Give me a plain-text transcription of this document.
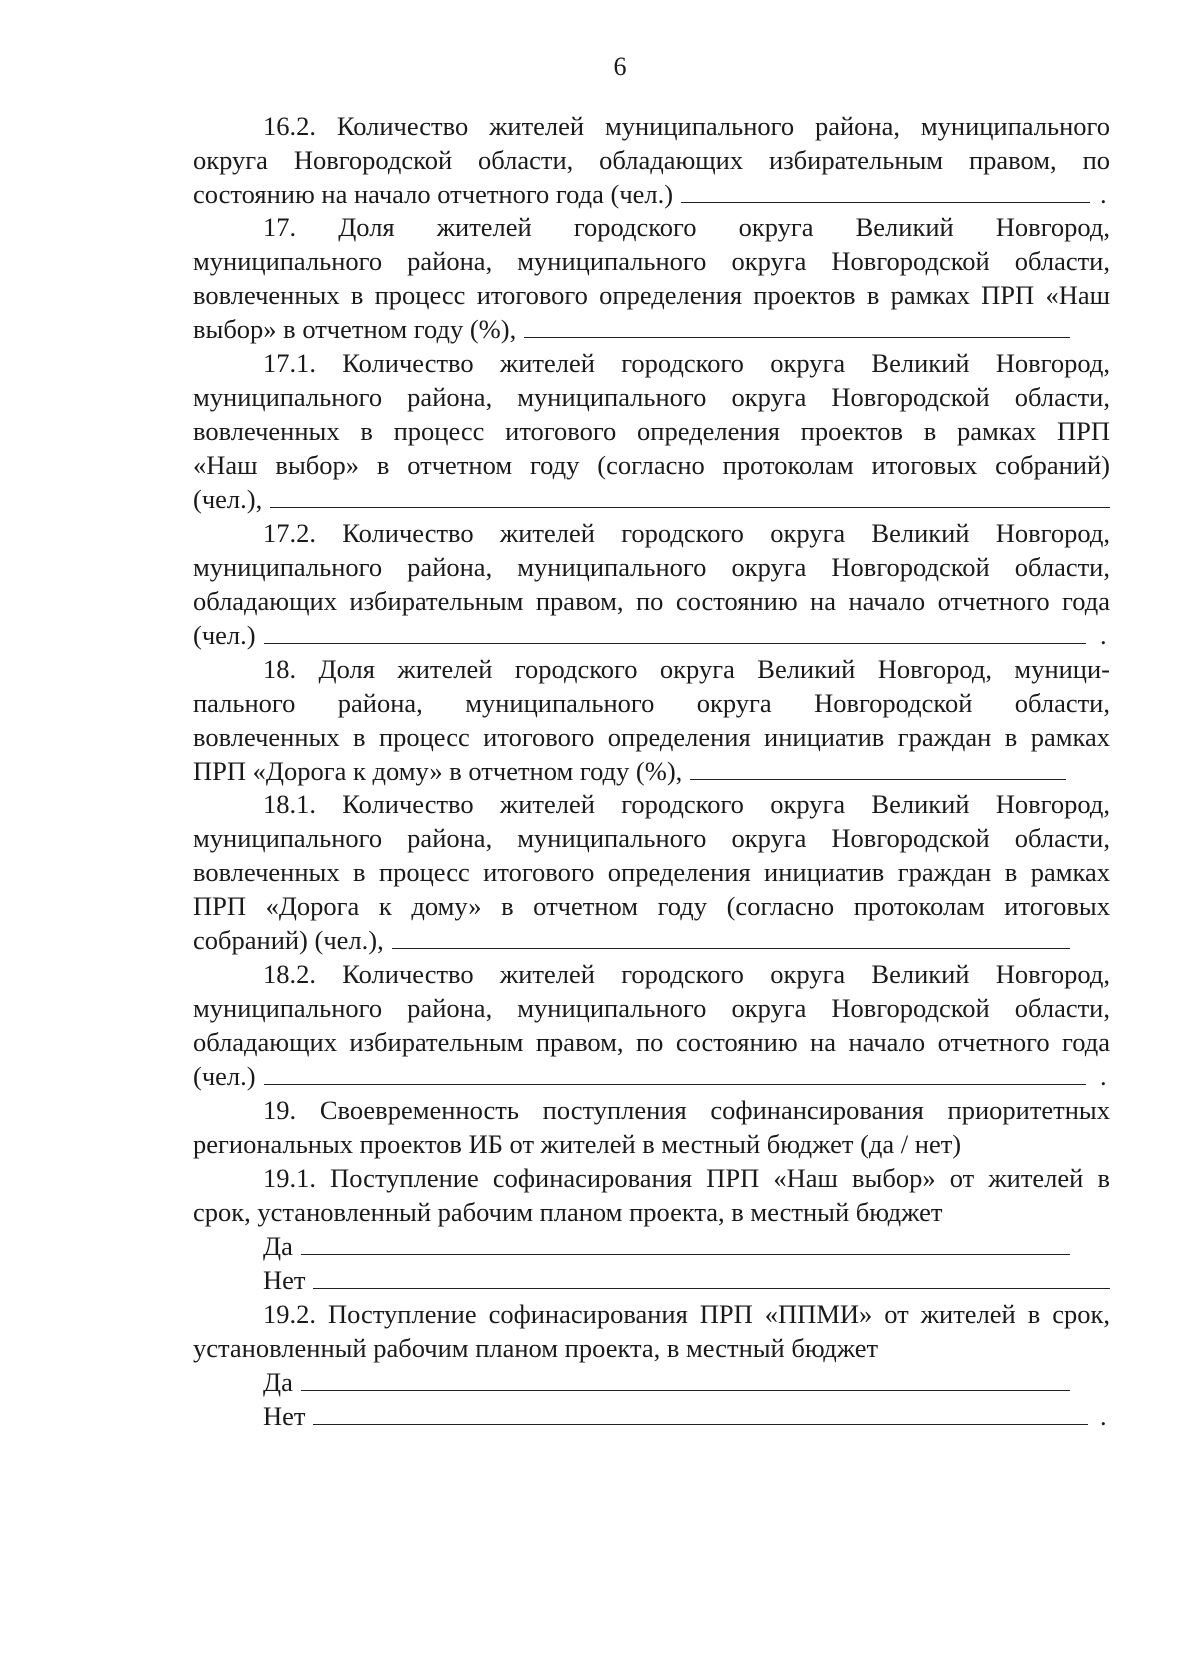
6
16.2. Количество жителей муниципального района, муниципального
округа Новгородской области, обладающих избирательным правом, по
состоянию на начало отчетного года (чел.)	.
17. Доля жителей городского округа Великий Новгород,
муниципального района, муниципального округа Новгородской области,
вовлеченных в процесс итогового определения проектов в рамках ПРП «Наш
выбор» в отчетном году (%),
17.1. Количество жителей городского округа Великий Новгород,
муниципального района, муниципального округа Новгородской области,
вовлеченных в процесс итогового определения проектов в рамках ПРП
«Наш выбор» в отчетном году (согласно протоколам итоговых собраний)
(чел.),
17.2. Количество жителей городского округа Великий Новгород,
муниципального района, муниципального округа Новгородской области,
обладающих избирательным правом, по состоянию на начало отчетного года
(чел.)	.
18. Доля жителей городского округа Великий Новгород, муници-
пального района, муниципального округа Новгородской области,
вовлеченных в процесс итогового определения инициатив граждан в рамках
ПРП «Дорога к дому» в отчетном году (%),
18.1. Количество жителей городского округа Великий Новгород,
муниципального района, муниципального округа Новгородской области,
вовлеченных в процесс итогового определения инициатив граждан в рамках
ПРП «Дорога к дому» в отчетном году (согласно протоколам итоговых
собраний) (чел.),
18.2. Количество жителей городского округа Великий Новгород,
муниципального района, муниципального округа Новгородской области,
обладающих избирательным правом, по состоянию на начало отчетного года
(чел.)	.
19. Своевременность поступления софинансирования приоритетных
региональных проектов ИБ от жителей в местный бюджет (да / нет)
19.1. Поступление софинасирования ПРП «Наш выбор» от жителей в
срок, установленный рабочим планом проекта, в местный бюджет
Да
Нет
19.2. Поступление софинасирования ПРП «ППМИ» от жителей в срок,
установленный рабочим планом проекта, в местный бюджет
Да
Нет	.
